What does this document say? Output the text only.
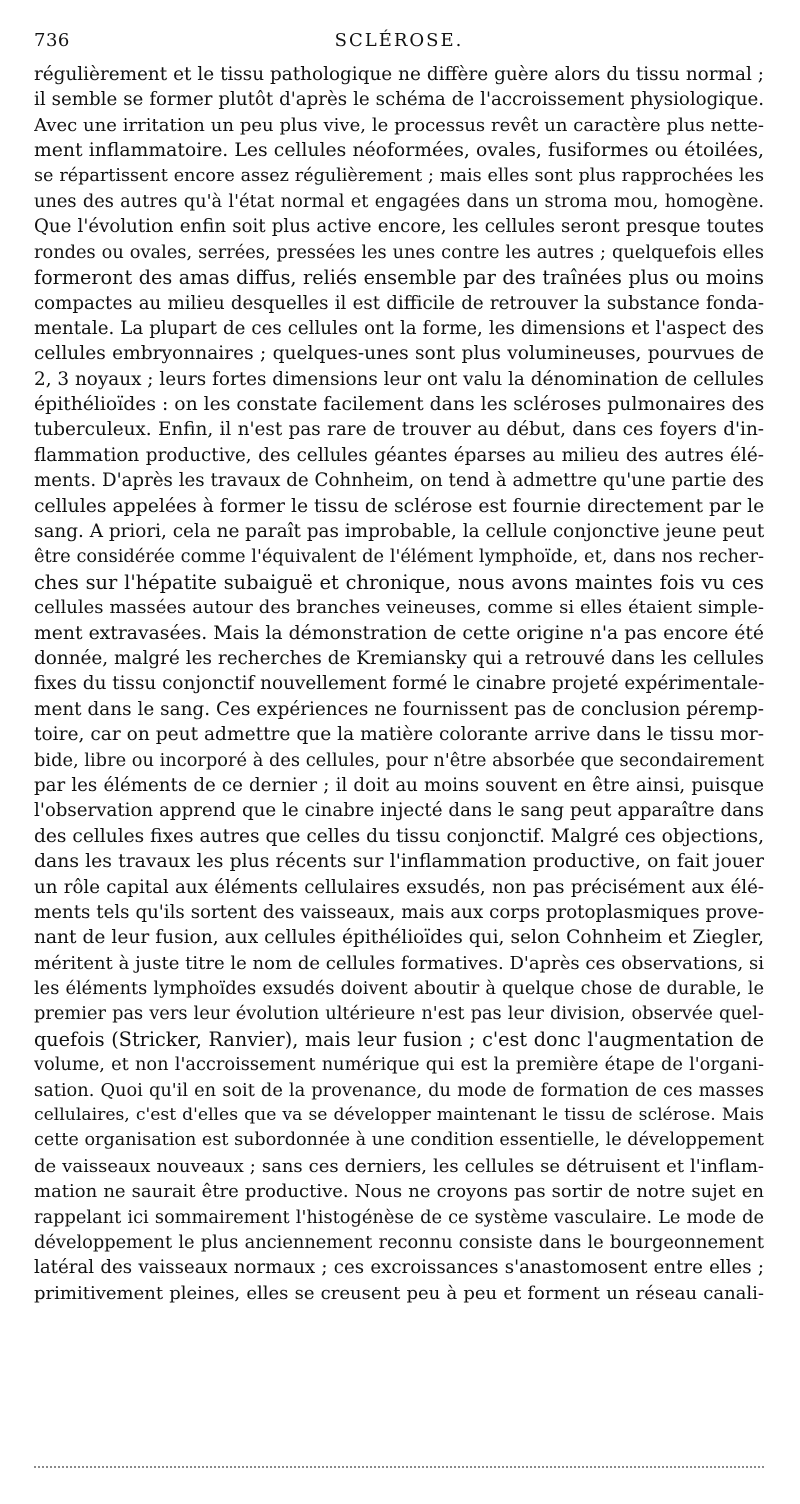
736	SCLÉROSE.
régulièrement et le tissu pathologique ne diffère guère alors du tissu normal ;
il semble se former plutôt d'après le schéma de l'accroissement physiologique.
Avec une irritation un peu plus vive, le processus revêt un caractère plus nette-
ment inflammatoire. Les cellules néoformées, ovales, fusiformes ou étoilées,
se répartissent encore assez régulièrement ; mais elles sont plus rapprochées les
unes des autres qu'à l'état normal et engagées dans un stroma mou, homogène.
Que l'évolution enfin soit plus active encore, les cellules seront presque toutes
rondes ou ovales, serrées, pressées les unes contre les autres ; quelquefois elles
formeront des amas diffus, reliés ensemble par des traînées plus ou moins
compactes au milieu desquelles il est difficile de retrouver la substance fonda-
mentale. La plupart de ces cellules ont la forme, les dimensions et l'aspect des
cellules embryonnaires ; quelques-unes sont plus volumineuses, pourvues de
2, 3 noyaux ; leurs fortes dimensions leur ont valu la dénomination de cellules
épithélioïdes : on les constate facilement dans les scléroses pulmonaires des
tuberculeux. Enfin, il n'est pas rare de trouver au début, dans ces foyers d'in-
flammation productive, des cellules géantes éparses au milieu des autres élé-
ments. D'après les travaux de Cohnheim, on tend à admettre qu'une partie des
cellules appelées à former le tissu de sclérose est fournie directement par le
sang. A priori, cela ne paraît pas improbable, la cellule conjonctive jeune peut
être considérée comme l'équivalent de l'élément lymphoïde, et, dans nos recher-
ches sur l'hépatite subaiguë et chronique, nous avons maintes fois vu ces
cellules massées autour des branches veineuses, comme si elles étaient simple-
ment extravasées. Mais la démonstration de cette origine n'a pas encore été
donnée, malgré les recherches de Kremiansky qui a retrouvé dans les cellules
fixes du tissu conjonctif nouvellement formé le cinabre projeté expérimentale-
ment dans le sang. Ces expériences ne fournissent pas de conclusion péremp-
toire, car on peut admettre que la matière colorante arrive dans le tissu mor-
bide, libre ou incorporé à des cellules, pour n'être absorbée que secondairement
par les éléments de ce dernier ; il doit au moins souvent en être ainsi, puisque
l'observation apprend que le cinabre injecté dans le sang peut apparaître dans
des cellules fixes autres que celles du tissu conjonctif. Malgré ces objections,
dans les travaux les plus récents sur l'inflammation productive, on fait jouer
un rôle capital aux éléments cellulaires exsudés, non pas précisément aux élé-
ments tels qu'ils sortent des vaisseaux, mais aux corps protoplasmiques prove-
nant de leur fusion, aux cellules épithélioïdes qui, selon Cohnheim et Ziegler,
méritent à juste titre le nom de cellules formatives. D'après ces observations, si
les éléments lymphoïdes exsudés doivent aboutir à quelque chose de durable, le
premier pas vers leur évolution ultérieure n'est pas leur division, observée quel-
quefois (Stricker, Ranvier), mais leur fusion ; c'est donc l'augmentation de
volume, et non l'accroissement numérique qui est la première étape de l'organi-
sation. Quoi qu'il en soit de la provenance, du mode de formation de ces masses
cellulaires, c'est d'elles que va se développer maintenant le tissu de sclérose. Mais
cette organisation est subordonnée à une condition essentielle, le développement
de vaisseaux nouveaux ; sans ces derniers, les cellules se détruisent et l'inflam-
mation ne saurait être productive. Nous ne croyons pas sortir de notre sujet en
rappelant ici sommairement l'histogénèse de ce système vasculaire. Le mode de
développement le plus anciennement reconnu consiste dans le bourgeonnement
latéral des vaisseaux normaux ; ces excroissances s'anastomosent entre elles ;
primitivement pleines, elles se creusent peu à peu et forment un réseau canali-
